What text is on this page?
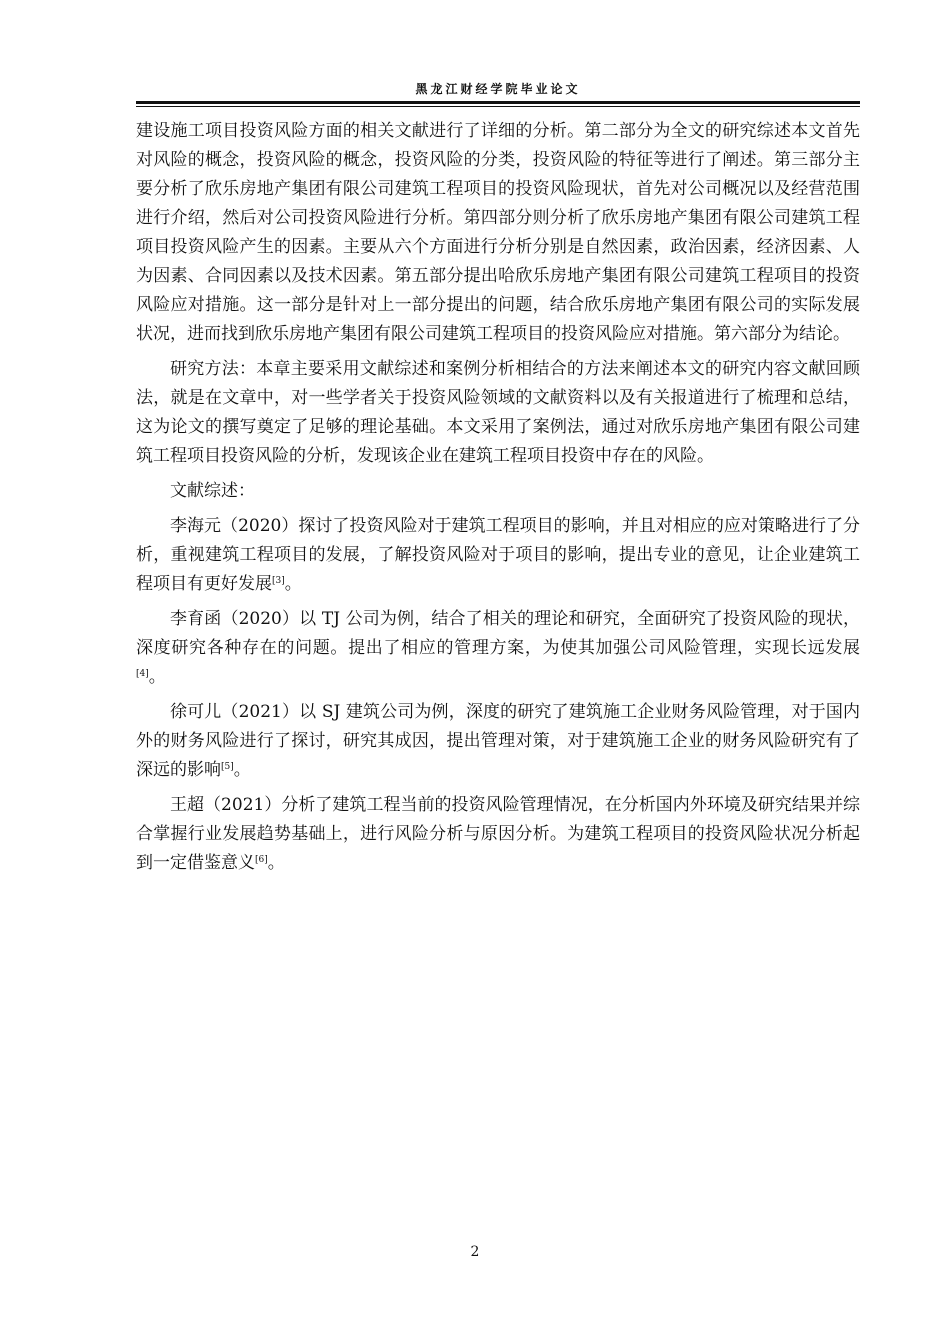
黑龙江财经学院毕业论文

建设施工项目投资风险方面的相关文献进行了详细的分析。第二部分为全文的研究综述本文首先对风险的概念，投资风险的概念，投资风险的分类，投资风险的特征等进行了阐述。第三部分主要分析了欣乐房地产集团有限公司建筑工程项目的投资风险现状，首先对公司概况以及经营范围进行介绍，然后对公司投资风险进行分析。第四部分则分析了欣乐房地产集团有限公司建筑工程项目投资风险产生的因素。主要从六个方面进行分析分别是自然因素，政治因素，经济因素、人为因素、合同因素以及技术因素。第五部分提出哈欣乐房地产集团有限公司建筑工程项目的投资风险应对措施。这一部分是针对上一部分提出的问题，结合欣乐房地产集团有限公司的实际发展状况，进而找到欣乐房地产集团有限公司建筑工程项目的投资风险应对措施。第六部分为结论。

研究方法：本章主要采用文献综述和案例分析相结合的方法来阐述本文的研究内容文献回顾法，就是在文章中，对一些学者关于投资风险领域的文献资料以及有关报道进行了梳理和总结，这为论文的撰写奠定了足够的理论基础。本文采用了案例法，通过对欣乐房地产集团有限公司建筑工程项目投资风险的分析，发现该企业在建筑工程项目投资中存在的风险。

文献综述：

李海元（2020）探讨了投资风险对于建筑工程项目的影响，并且对相应的应对策略进行了分析，重视建筑工程项目的发展，了解投资风险对于项目的影响，提出专业的意见，让企业建筑工程项目有更好发展[3]。

李育函（2020）以 TJ 公司为例，结合了相关的理论和研究，全面研究了投资风险的现状，深度研究各种存在的问题。提出了相应的管理方案，为使其加强公司风险管理，实现长远发展[4]。

徐可儿（2021）以 SJ 建筑公司为例，深度的研究了建筑施工企业财务风险管理，对于国内外的财务风险进行了探讨，研究其成因，提出管理对策，对于建筑施工企业的财务风险研究有了深远的影响[5]。

王超（2021）分析了建筑工程当前的投资风险管理情况，在分析国内外环境及研究结果并综合掌握行业发展趋势基础上，进行风险分析与原因分析。为建筑工程项目的投资风险状况分析起到一定借鉴意义[6]。

2
